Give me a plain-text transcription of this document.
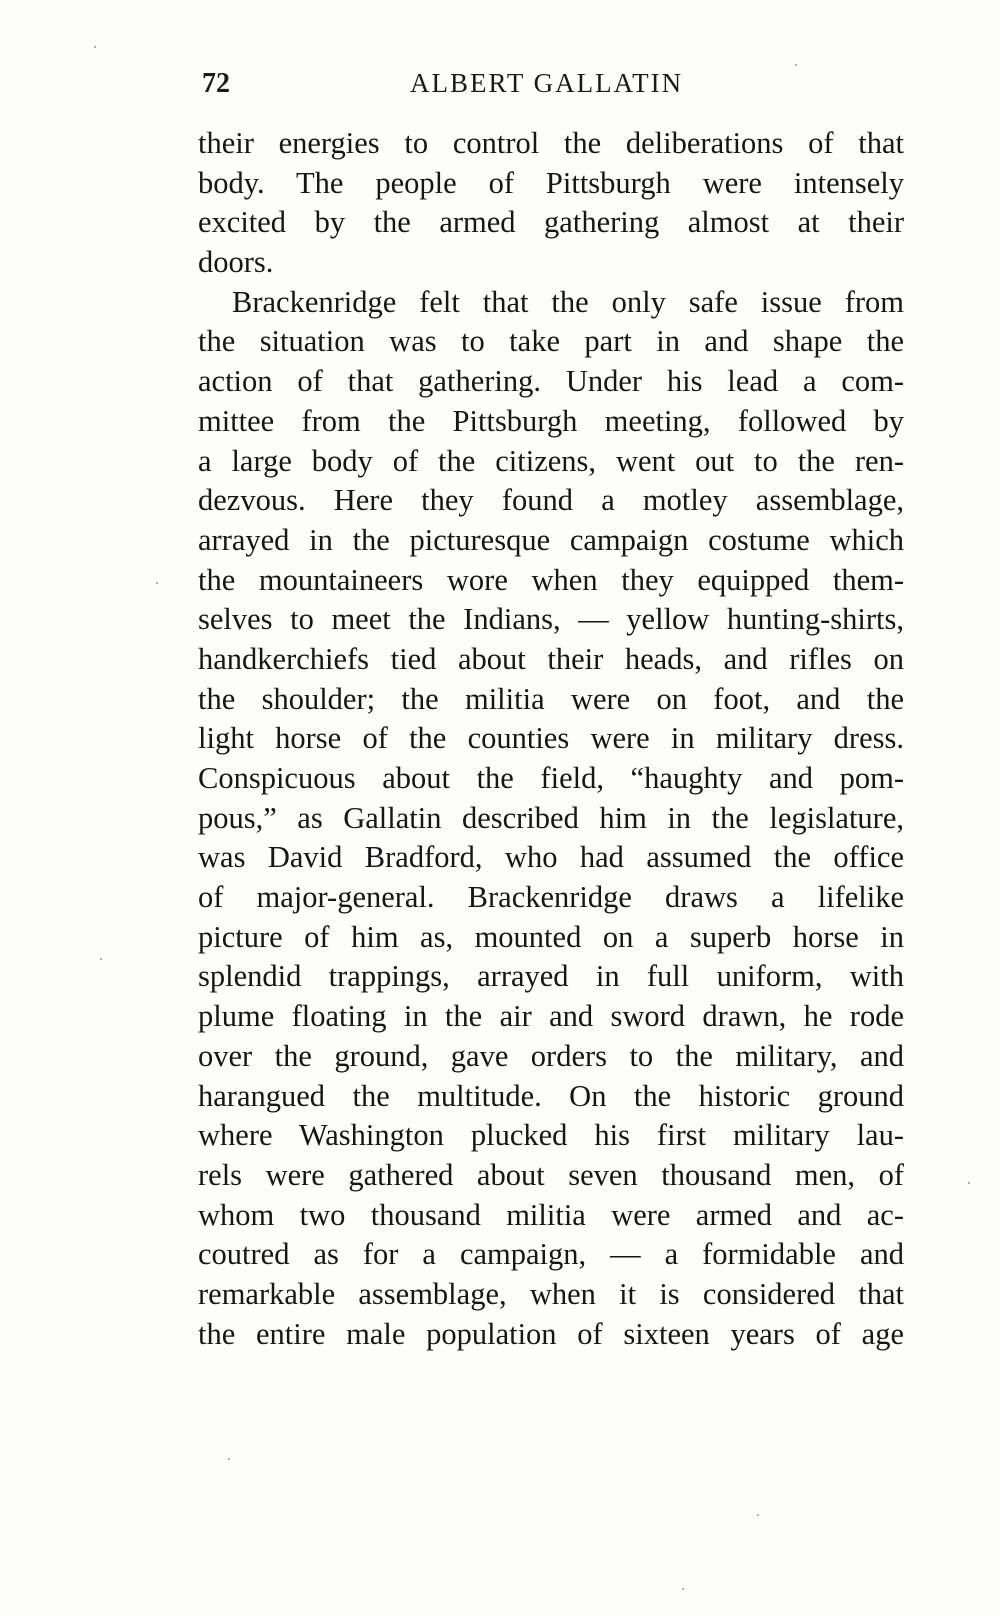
72	ALBERT GALLATIN
their energies to control the deliberations of that
body. The people of Pittsburgh were intensely
excited by the armed gathering almost at their
doors.
Brackenridge felt that the only safe issue from
the situation was to take part in and shape the
action of that gathering. Under his lead a com-
mittee from the Pittsburgh meeting, followed by
a large body of the citizens, went out to the ren-
dezvous. Here they found a motley assemblage,
arrayed in the picturesque campaign costume which
the mountaineers wore when they equipped them-
selves to meet the Indians, — yellow hunting-shirts,
handkerchiefs tied about their heads, and rifles on
the shoulder; the militia were on foot, and the
light horse of the counties were in military dress.
Conspicuous about the field, “haughty and pom-
pous,” as Gallatin described him in the legislature,
was David Bradford, who had assumed the office
of major-general. Brackenridge draws a lifelike
picture of him as, mounted on a superb horse in
splendid trappings, arrayed in full uniform, with
plume floating in the air and sword drawn, he rode
over the ground, gave orders to the military, and
harangued the multitude. On the historic ground
where Washington plucked his first military lau-
rels were gathered about seven thousand men, of
whom two thousand militia were armed and ac-
coutred as for a campaign, — a formidable and
remarkable assemblage, when it is considered that
the entire male population of sixteen years of age
